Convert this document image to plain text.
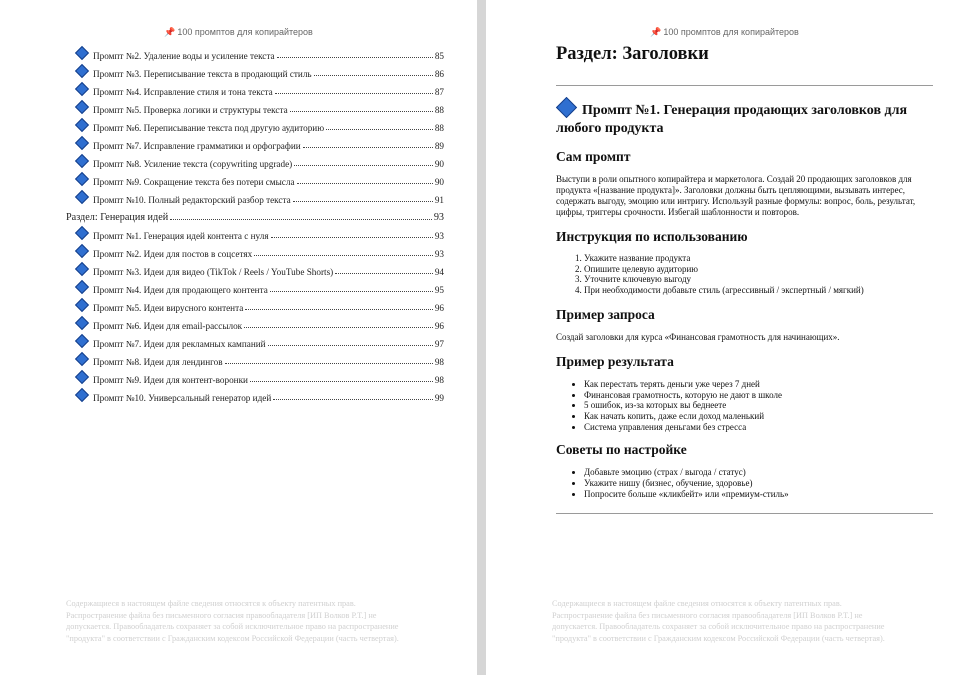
📌 100 промптов для копирайтеров
Промпт №2. Удаление воды и усиление текста	85
Промпт №3. Переписывание текста в продающий стиль	86
Промпт №4. Исправление стиля и тона текста	87
Промпт №5. Проверка логики и структуры текста	88
Промпт №6. Переписывание текста под другую аудиторию	88
Промпт №7. Исправление грамматики и орфографии	89
Промпт №8. Усиление текста (copywriting upgrade)	90
Промпт №9. Сокращение текста без потери смысла	90
Промпт №10. Полный редакторский разбор текста	91
Раздел: Генерация идей	93
Промпт №1. Генерация идей контента с нуля	93
Промпт №2. Идеи для постов в соцсетях	93
Промпт №3. Идеи для видео (TikTok / Reels / YouTube Shorts)	94
Промпт №4. Идеи для продающего контента	95
Промпт №5. Идеи вирусного контента	96
Промпт №6. Идеи для email-рассылок	96
Промпт №7. Идеи для рекламных кампаний	97
Промпт №8. Идеи для лендингов	98
Промпт №9. Идеи для контент-воронки	98
Промпт №10. Универсальный генератор идей	99
Содержащиеся в настоящем файле сведения относятся к объекту патентных прав.
Распространение файла без письменного согласия правообладателя [ИП Волков Р.Т.] не
допускается. Правообладатель сохраняет за собой исключительное право на распространение
"продукта" в соответствии с Гражданским кодексом Российской Федерации (часть четвертая).
📌 100 промптов для копирайтеров
Раздел: Заголовки
Промпт №1. Генерация продающих заголовков для любого продукта
Сам промпт

Выступи в роли опытного копирайтера и маркетолога. Создай 20 продающих заголовков для продукта «[название продукта]». Заголовки должны быть цепляющими, вызывать интерес, содержать выгоду, эмоцию или интригу. Используй разные формулы: вопрос, боль, результат, цифры, триггеры срочности. Избегай шаблонности и повторов.

Инструкция по использованию
1. Укажите название продукта
2. Опишите целевую аудиторию
3. Уточните ключевую выгоду
4. При необходимости добавьте стиль (агрессивный / экспертный / мягкий)
Пример запроса

Создай заголовки для курса «Финансовая грамотность для начинающих».

Пример результата
• Как перестать терять деньги уже через 7 дней
• Финансовая грамотность, которую не дают в школе
• 5 ошибок, из-за которых вы беднеете
• Как начать копить, даже если доход маленький
• Система управления деньгами без стресса
Советы по настройке
• Добавьте эмоцию (страх / выгода / статус)
• Укажите нишу (бизнес, обучение, здоровье)
• Попросите больше «кликбейт» или «премиум-стиль»
Содержащиеся в настоящем файле сведения относятся к объекту патентных прав.
Распространение файла без письменного согласия правообладателя [ИП Волков Р.Т.] не
допускается. Правообладатель сохраняет за собой исключительное право на распространение
"продукта" в соответствии с Гражданским кодексом Российской Федерации (часть четвертая).
